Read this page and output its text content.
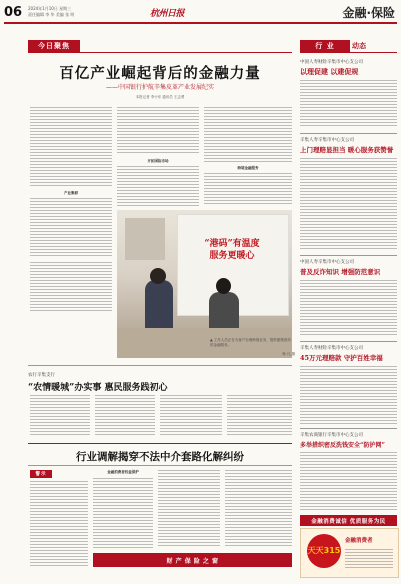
06 2024年1月10日 星期三
责任编辑 李 华 美编 张 明	杭州日报	金融·保险
今日聚焦
百亿产业崛起背后的金融力量
——中国银行护航辛集皮革产业发展纪实
本报记者 李小东 通讯员 王志勇
产业集群
开拓国际市场
跨境金融服务
“港码”有温度
服务更暖心
▲ 工作人员正在为客户办理跨境业务，提供便捷高效的金融服务。
杨 凡 摄
行 业	动态
中国人寿财险辛集市中心支公司
以理促建 以建促规
辛集人寿辛集市中心支公司
上门理赔显担当 暖心服务获赞誉
中国人寿辛集市中心支公司
普及反诈知识 增强防范意识
辛集人寿财险辛集市中心支公司
45万元理赔款 守护百姓幸福
辛集农商银行辛集市中心支公司
多举措织密反洗钱安全“防护网”
农行辛集支行
“农情暖城”办实事 惠民服务践初心
行业调解揭穿不法中介套路化解纠纷
警示	金融消费者权益保护
财 产 保 险 之 窗
金融消费诚信 优质服务为民
天天315
金融消费者
